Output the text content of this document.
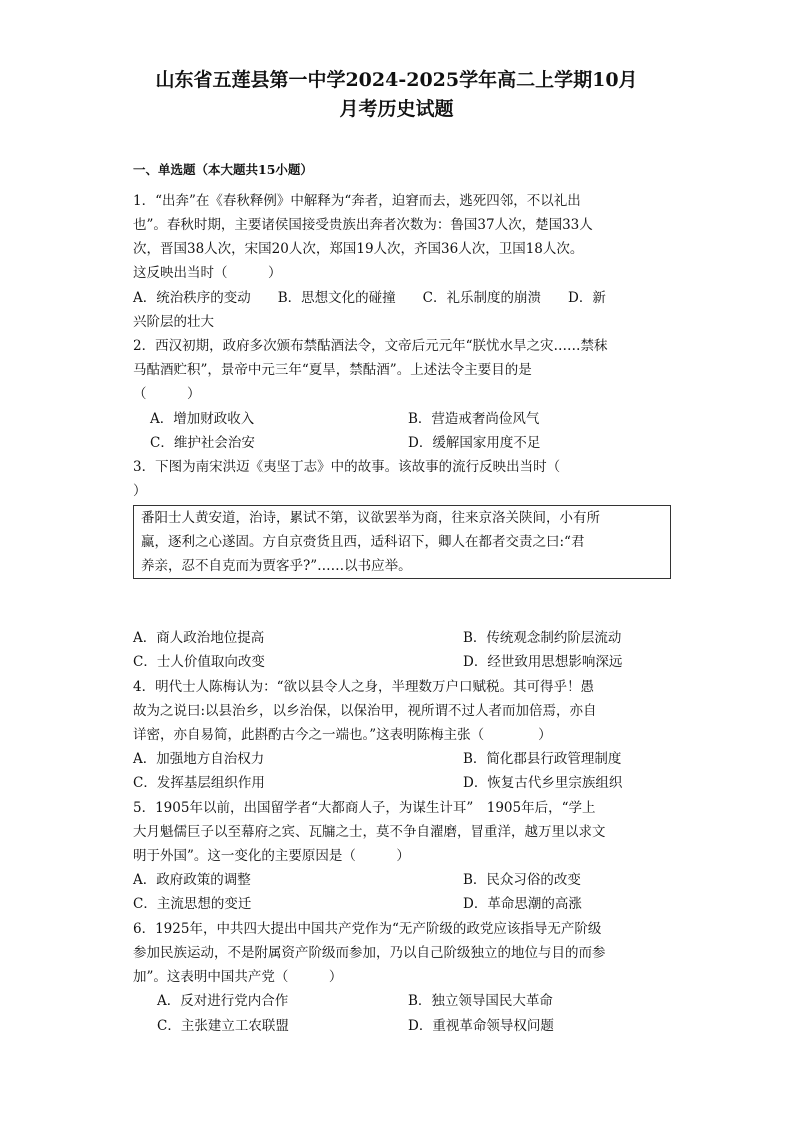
山东省五莲县第一中学2024-2025学年高二上学期10月
月考历史试题
一、单选题（本大题共15小题）
1．“出奔”在《春秋释例》中解释为“奔者，迫窘而去，逃死四邻，不以礼出
也”。春秋时期，主要诸侯国接受贵族出奔者次数为：鲁国37人次，楚国33人
次，晋国38人次，宋国20人次，郑国19人次，齐国36人次，卫国18人次。
这反映出当时（　　　）
A．统治秩序的变动　　B．思想文化的碰撞　　C．礼乐制度的崩溃　　D．新
兴阶层的壮大
2．西汉初期，政府多次颁布禁酤酒法令，文帝后元元年“朕忧水旱之灾……禁秣
马酤酒贮积”，景帝中元三年“夏旱，禁酤酒”。上述法令主要目的是
（　　　）
A．增加财政收入	B．营造戒奢尚俭风气
C．维护社会治安	D．缓解国家用度不足
3．下图为南宋洪迈《夷坚丁志》中的故事。该故事的流行反映出当时（
）
番阳士人黄安道，治诗，累试不第，议欲罢举为商，往来京洛关陕间，小有所
赢，逐利之心遂固。方自京赍货且西，适科诏下，卿人在都者交责之曰:“君
养亲，忍不自克而为贾客乎?”……以书应举。
A．商人政治地位提高	B．传统观念制约阶层流动
C．士人价值取向改变	D．经世致用思想影响深远
4．明代士人陈梅认为：“欲以县令人之身，半理数万户口赋税。其可得乎！愚
故为之说曰:以县治乡，以乡治保，以保治甲，视所谓不过人者而加倍焉，亦自
详密，亦自易简，此斟酌古今之一端也。”这表明陈梅主张（　　　　）
A．加强地方自治权力	B．简化郡县行政管理制度
C．发挥基层组织作用	D．恢复古代乡里宗族组织
5．1905年以前，出国留学者“大都商人子，为谋生计耳”　1905年后，“学上
大月魁儒巨子以至幕府之宾、瓦牖之士，莫不争自濯磨，冒重洋，越万里以求文
明于外国”。这一变化的主要原因是（　　　）
A．政府政策的调整	B．民众习俗的改变
C．主流思想的变迁	D．革命思潮的高涨
6．1925年，中共四大提出中国共产党作为“无产阶级的政党应该指导无产阶级
参加民族运动，不是附属资产阶级而参加，乃以自己阶级独立的地位与目的而参
加”。这表明中国共产党（　　　）
A．反对进行党内合作	B．独立领导国民大革命
C．主张建立工农联盟	D．重视革命领导权问题
